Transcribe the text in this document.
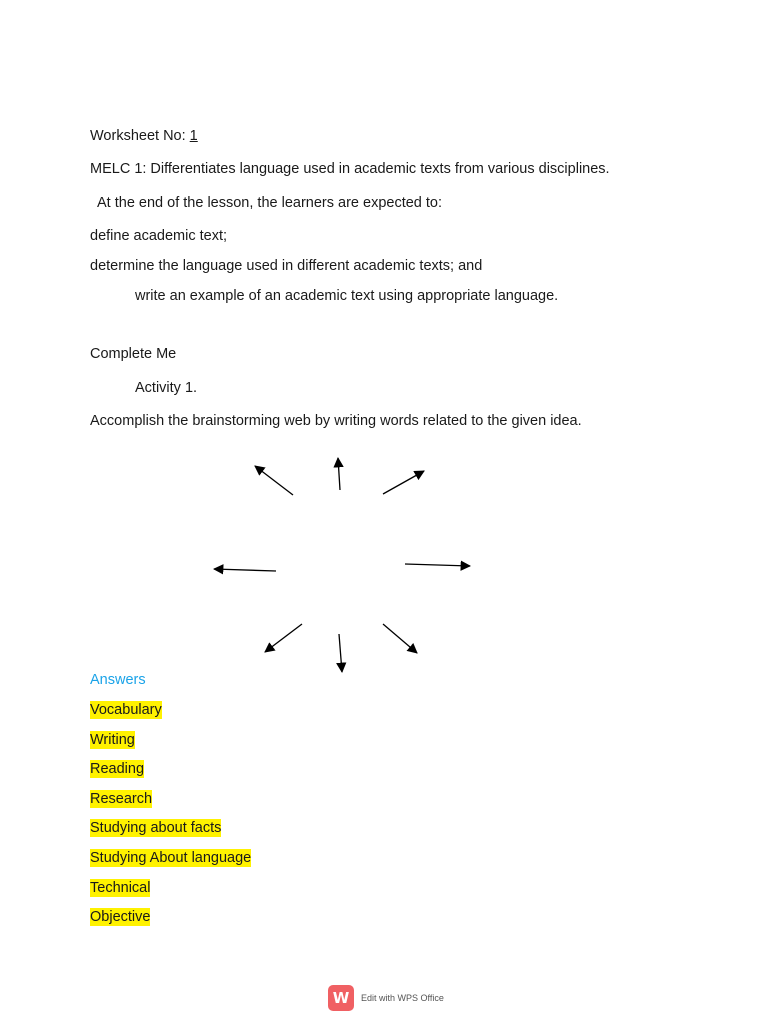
Worksheet No: 1
MELC 1: Differentiates language used in academic texts from various disciplines.
At the end of the lesson, the learners are expected to:
define academic text;
determine the language used in different academic texts; and
write an example of an academic text using appropriate language.
Complete Me
Activity 1.
Accomplish the brainstorming web by writing words related to the given idea.
Answers
Vocabulary
Writing
Reading
Research
Studying about facts
Studying About language
Technical
Objective
W	Edit with WPS Office
